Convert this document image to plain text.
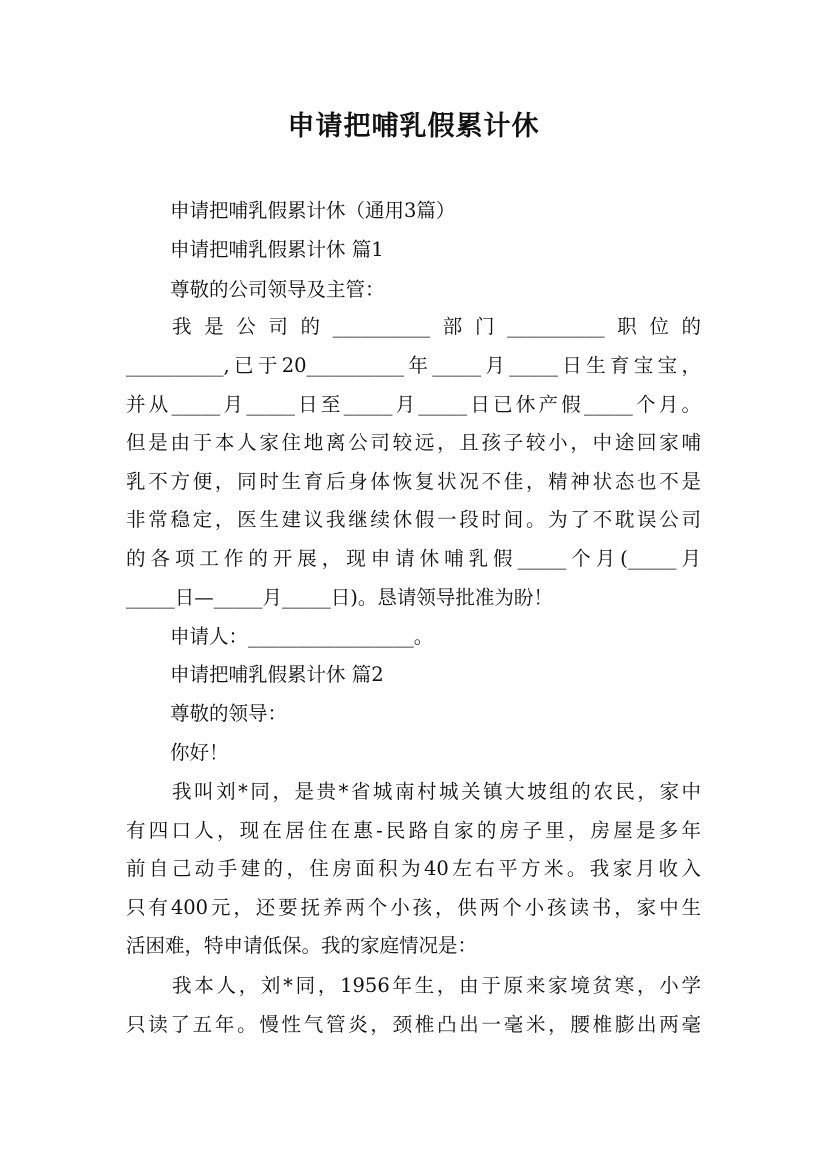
申请把哺乳假累计休
申请把哺乳假累计休（通用3篇）
申请把哺乳假累计休 篇1
尊敬的公司领导及主管：
我是公司的__________部门__________职位的
__________,已于20__________年_____月_____日生育宝宝，
并从_____月_____日至_____月_____日已休产假_____个月。
但是由于本人家住地离公司较远，且孩子较小，中途回家哺
乳不方便，同时生育后身体恢复状况不佳，精神状态也不是
非常稳定，医生建议我继续休假一段时间。为了不耽误公司
的各项工作的开展，现申请休哺乳假_____个月(_____月
_____日—_____月_____日)。恳请领导批准为盼！
申请人：_________________。
申请把哺乳假累计休 篇2
尊敬的领导：
你好！
我叫刘*同，是贵*省城南村城关镇大坡组的农民，家中
有四口人，现在居住在惠-民路自家的房子里，房屋是多年
前自己动手建的，住房面积为40左右平方米。我家月收入
只有400元，还要抚养两个小孩，供两个小孩读书，家中生
活困难，特申请低保。我的家庭情况是：
我本人，刘*同，1956年生，由于原来家境贫寒，小学
只读了五年。慢性气管炎，颈椎凸出一毫米，腰椎膨出两毫
